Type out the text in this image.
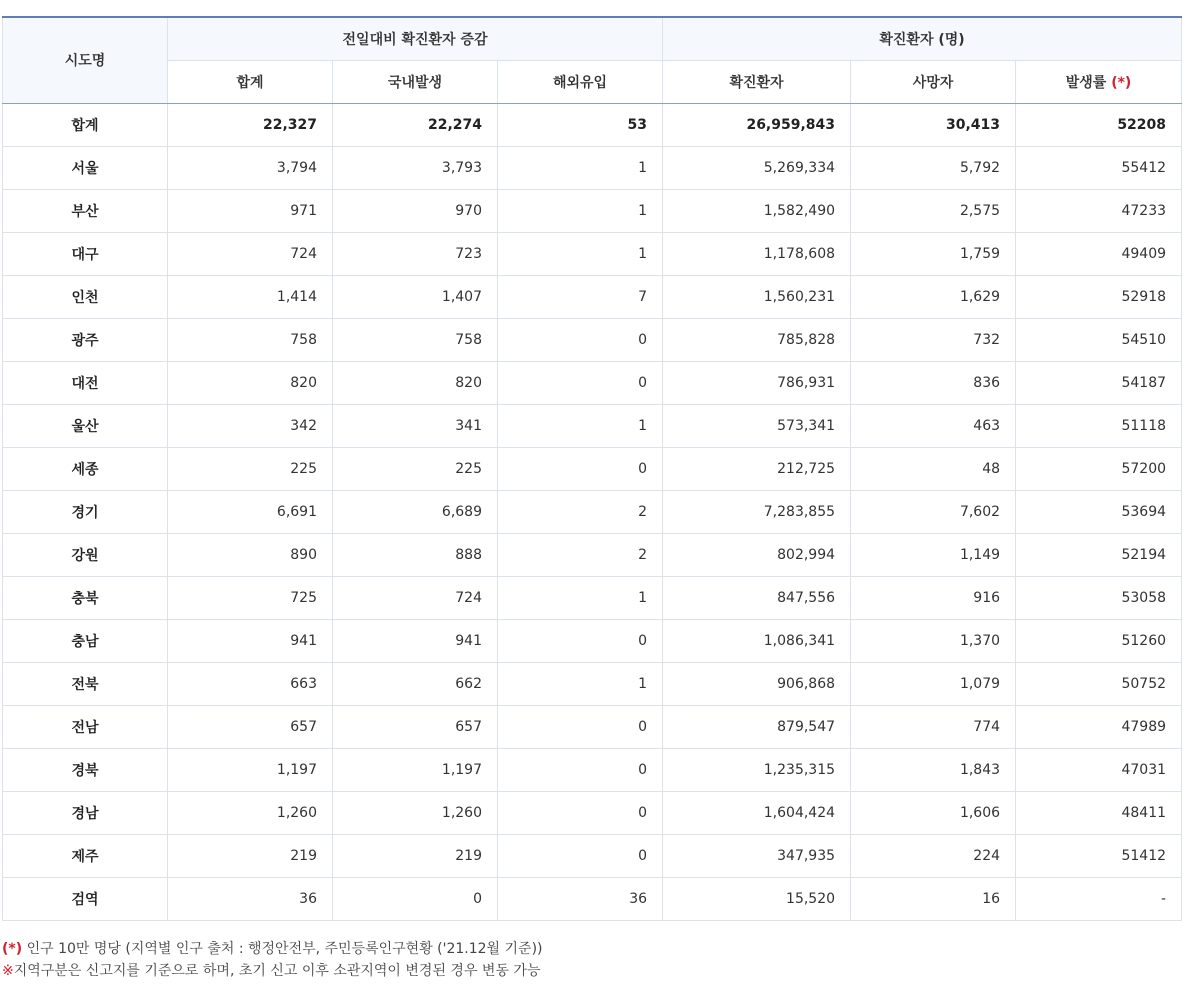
시도명	전일대비 확진환자 증감			확진환자 (명)		
	합계	국내발생	해외유입	확진환자	사망자	발생률 (*)
합계	22,327	22,274	53	26,959,843	30,413	52208
서울	3,794	3,793	1	5,269,334	5,792	55412
부산	971	970	1	1,582,490	2,575	47233
대구	724	723	1	1,178,608	1,759	49409
인천	1,414	1,407	7	1,560,231	1,629	52918
광주	758	758	0	785,828	732	54510
대전	820	820	0	786,931	836	54187
울산	342	341	1	573,341	463	51118
세종	225	225	0	212,725	48	57200
경기	6,691	6,689	2	7,283,855	7,602	53694
강원	890	888	2	802,994	1,149	52194
충북	725	724	1	847,556	916	53058
충남	941	941	0	1,086,341	1,370	51260
전북	663	662	1	906,868	1,079	50752
전남	657	657	0	879,547	774	47989
경북	1,197	1,197	0	1,235,315	1,843	47031
경남	1,260	1,260	0	1,604,424	1,606	48411
제주	219	219	0	347,935	224	51412
검역	36	0	36	15,520	16	-
(*) 인구 10만 명당 (지역별 인구 출처 : 행정안전부, 주민등록인구현황 ('21.12월 기준))
※지역구분은 신고지를 기준으로 하며, 초기 신고 이후 소관지역이 변경된 경우 변동 가능
